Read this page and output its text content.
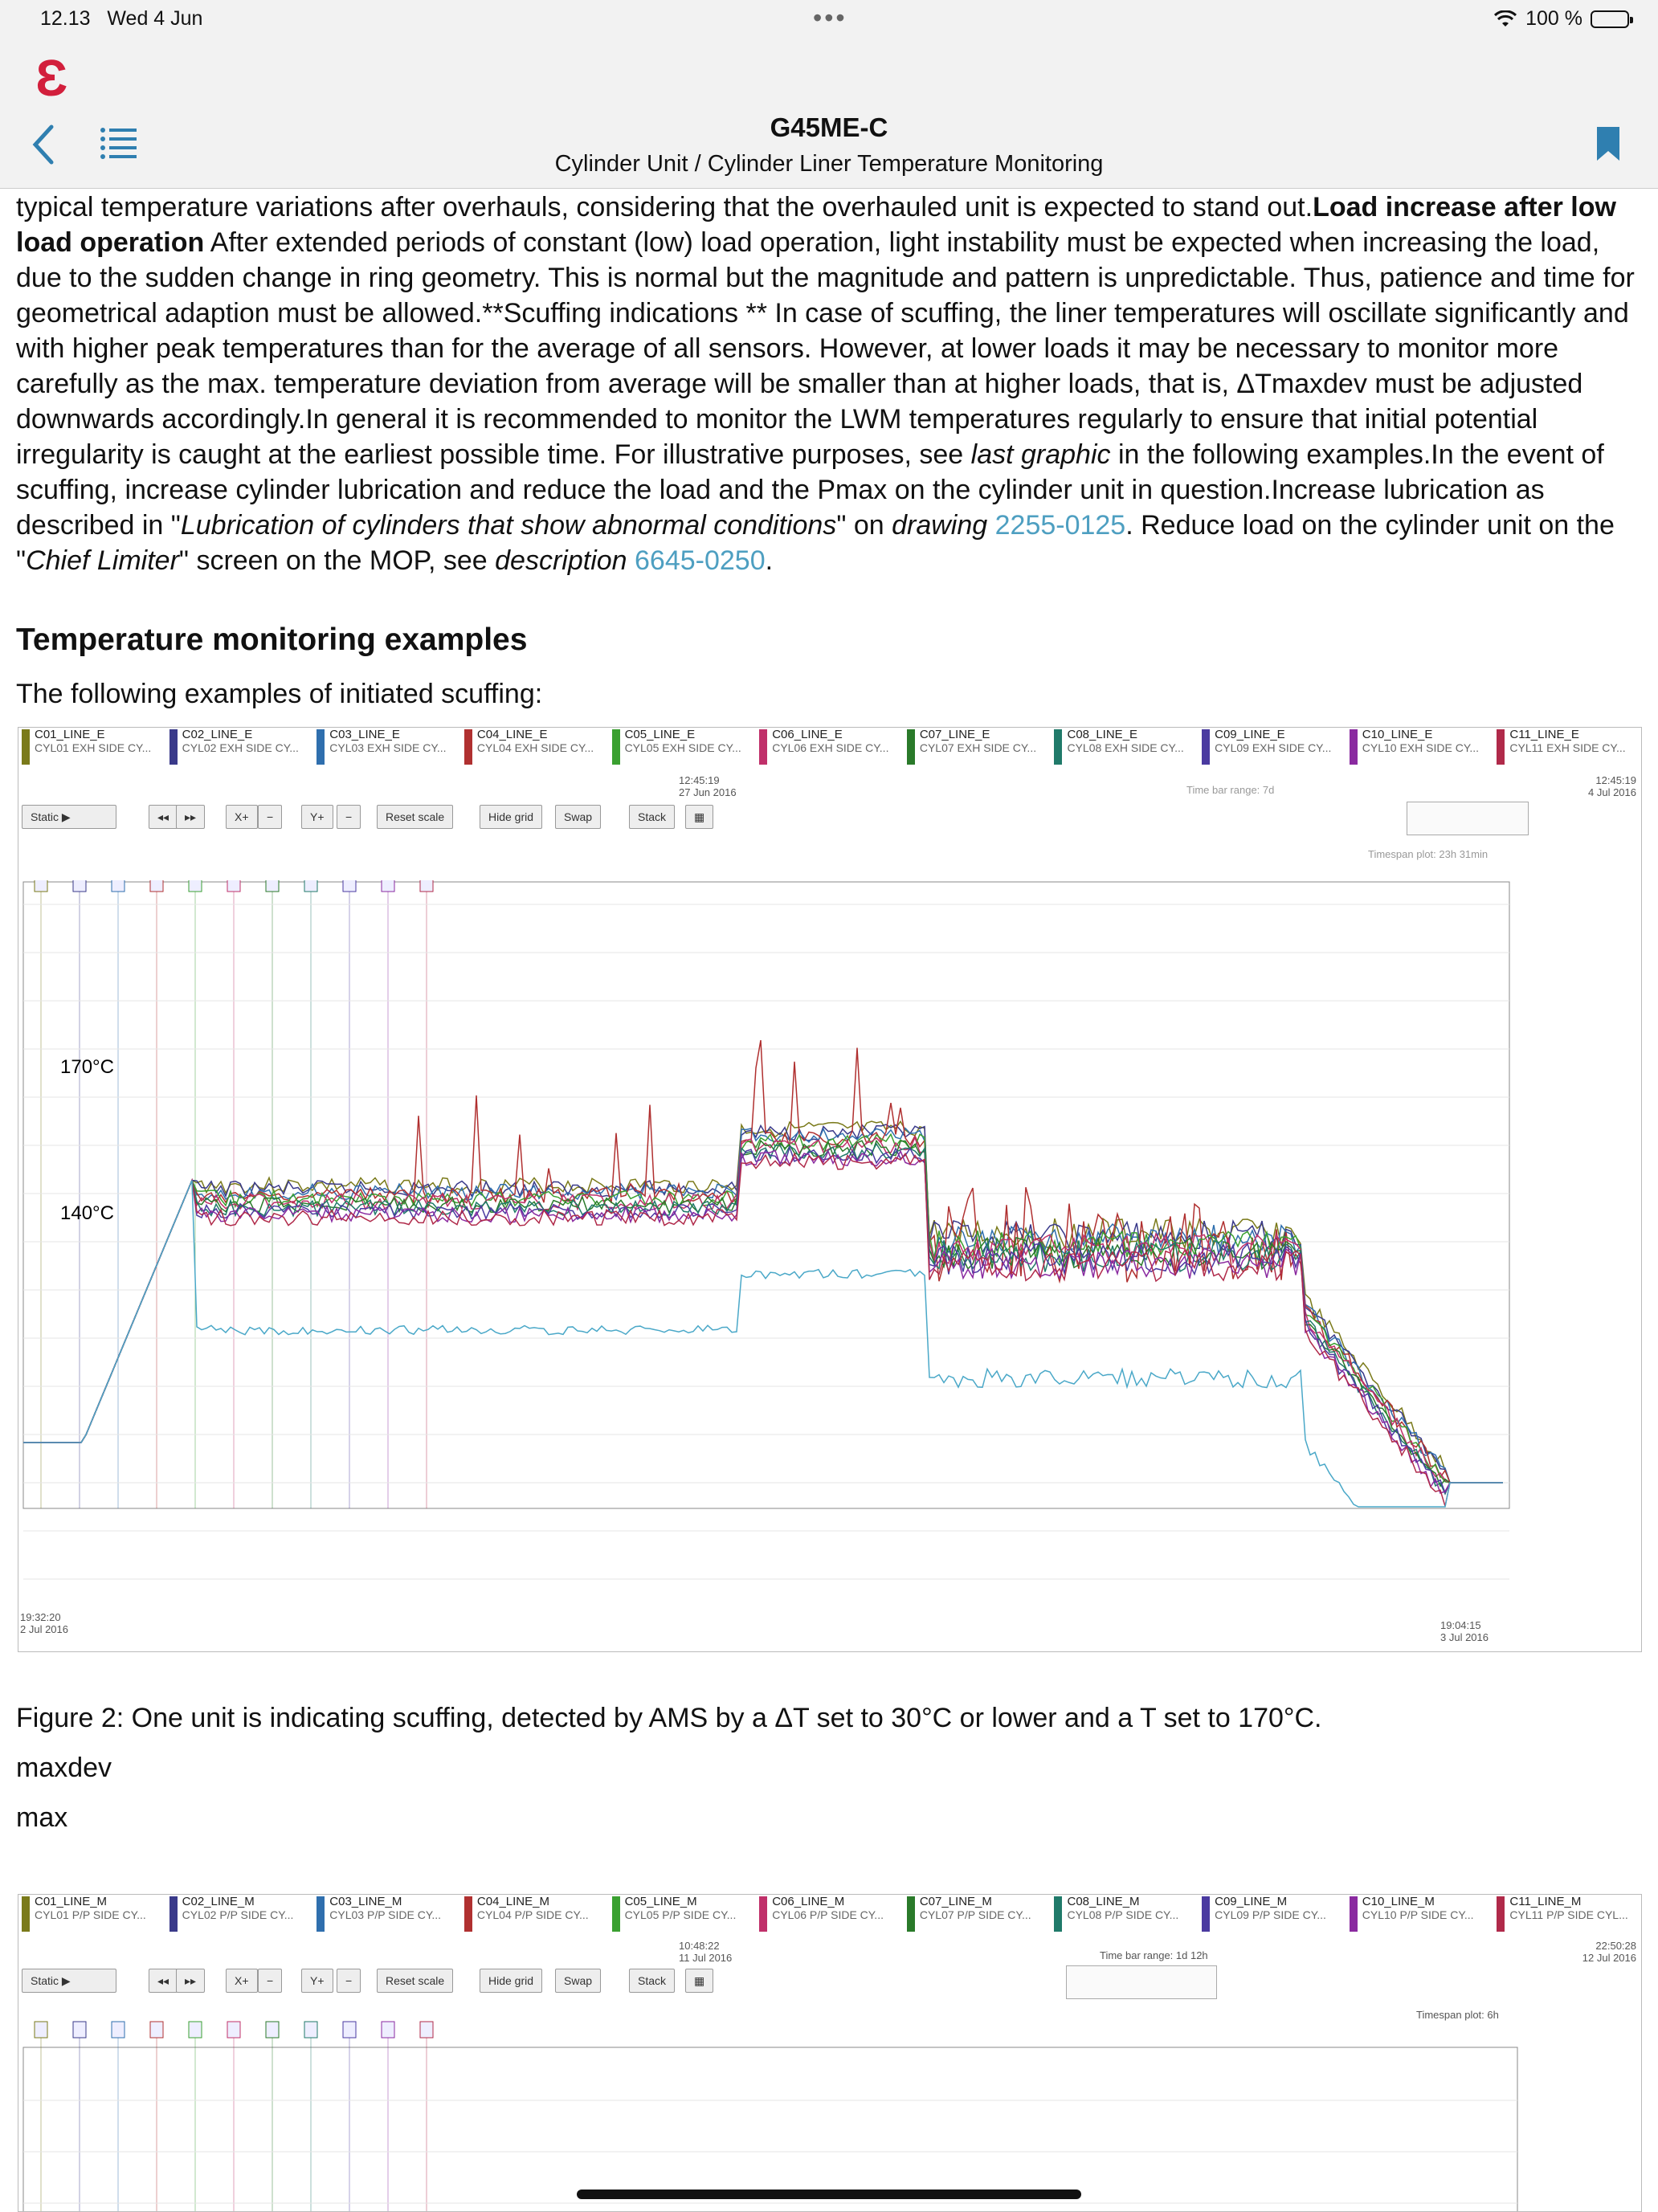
12.13 Wed 4 Jun	•••	100 %
Ɛ
G45ME-C
Cylinder Unit / Cylinder Liner Temperature Monitoring

typical temperature variations after overhauls, considering that the overhauled unit is expected to stand out.Load increase after low load operation After extended periods of constant (low) load operation, light instability must be expected when increasing the load, due to the sudden change in ring geometry. This is normal but the magnitude and pattern is unpredictable. Thus, patience and time for geometrical adaption must be allowed.**Scuffing indications ** In case of scuffing, the liner temperatures will oscillate significantly and with higher peak temperatures than for the average of all sensors. However, at lower loads it may be necessary to monitor more carefully as the max. temperature deviation from average will be smaller than at higher loads, that is, ΔTmaxdev must be adjusted downwards accordingly.In general it is recommended to monitor the LWM temperatures regularly to ensure that initial potential irregularity is caught at the earliest possible time. For illustrative purposes, see last graphic in the following examples.In the event of scuffing, increase cylinder lubrication and reduce the load and the Pmax on the cylinder unit in question.Increase lubrication as described in "Lubrication of cylinders that show abnormal conditions" on drawing 2255-0125. Reduce load on the cylinder unit on the "Chief Limiter" screen on the MOP, see description 6645-0250.

Temperature monitoring examples

The following examples of initiated scuffing:

C01_LINE_E
CYL01 EXH SIDE CY...
C02_LINE_E
CYL02 EXH SIDE CY...
C03_LINE_E
CYL03 EXH SIDE CY...
C04_LINE_E
CYL04 EXH SIDE CY...
C05_LINE_E
CYL05 EXH SIDE CY...
C06_LINE_E
CYL06 EXH SIDE CY...
C07_LINE_E
CYL07 EXH SIDE CY...
C08_LINE_E
CYL08 EXH SIDE CY...
C09_LINE_E
CYL09 EXH SIDE CY...
C10_LINE_E
CYL10 EXH SIDE CY...
C11_LINE_E
CYL11 EXH SIDE CY...
12:45:19
27 Jun 2016	Time bar range: 7d
12:45:19
4 Jul 2016
Static ▶	◂◂	▸▸	X+	−	Y+	−	Reset scale	Hide grid	Swap	Stack	▦
Timespan plot: 23h 31min
170°C
140°C
19:32:20
2 Jul 2016	19:04:15
3 Jul 2016

Figure 2: One unit is indicating scuffing, detected by AMS by a ΔT set to 30°C or lower and a T set to 170°C.

maxdev

max

C01_LINE_M
CYL01 P/P SIDE CY...
C02_LINE_M
CYL02 P/P SIDE CY...
C03_LINE_M
CYL03 P/P SIDE CY...
C04_LINE_M
CYL04 P/P SIDE CY...
C05_LINE_M
CYL05 P/P SIDE CY...
C06_LINE_M
CYL06 P/P SIDE CY...
C07_LINE_M
CYL07 P/P SIDE CY...
C08_LINE_M
CYL08 P/P SIDE CY...
C09_LINE_M
CYL09 P/P SIDE CY...
C10_LINE_M
CYL10 P/P SIDE CY...
C11_LINE_M
CYL11 P/P SIDE CYL...
10:48:22
11 Jul 2016	Time bar range: 1d 12h
22:50:28
12 Jul 2016
Static ▶	◂◂	▸▸	X+	−	Y+	−	Reset scale	Hide grid	Swap	Stack	▦
Timespan plot: 6h
